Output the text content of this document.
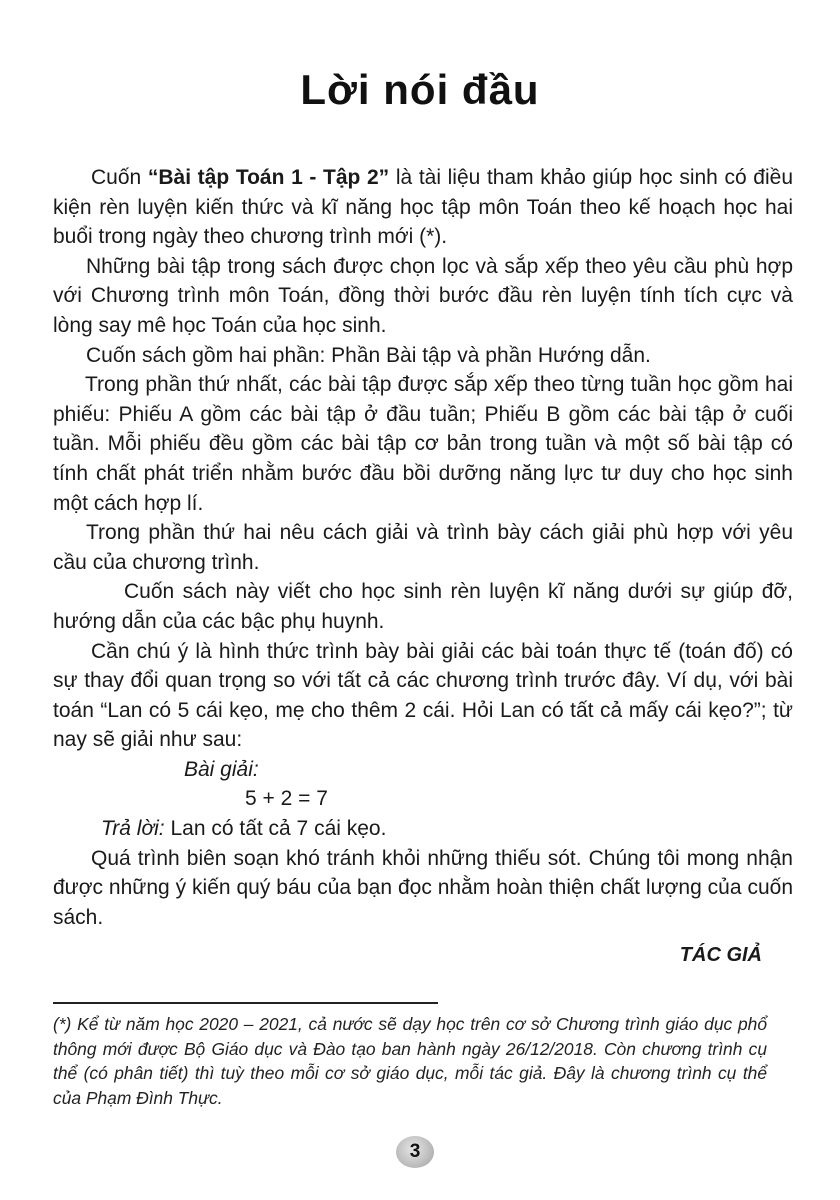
Lời nói đầu

Cuốn “Bài tập Toán 1 - Tập 2” là tài liệu tham khảo giúp học sinh có điều kiện rèn luyện kiến thức và kĩ năng học tập môn Toán theo kế hoạch học hai buổi trong ngày theo chương trình mới (*).

Những bài tập trong sách được chọn lọc và sắp xếp theo yêu cầu phù hợp với Chương trình môn Toán, đồng thời bước đầu rèn luyện tính tích cực và lòng say mê học Toán của học sinh.

Cuốn sách gồm hai phần: Phần Bài tập và phần Hướng dẫn.

Trong phần thứ nhất, các bài tập được sắp xếp theo từng tuần học gồm hai phiếu: Phiếu A gồm các bài tập ở đầu tuần; Phiếu B gồm các bài tập ở cuối tuần. Mỗi phiếu đều gồm các bài tập cơ bản trong tuần và một số bài tập có tính chất phát triển nhằm bước đầu bồi dưỡng năng lực tư duy cho học sinh một cách hợp lí.

Trong phần thứ hai nêu cách giải và trình bày cách giải phù hợp với yêu cầu của chương trình.

Cuốn sách này viết cho học sinh rèn luyện kĩ năng dưới sự giúp đỡ, hướng dẫn của các bậc phụ huynh.

Cần chú ý là hình thức trình bày bài giải các bài toán thực tế (toán đố) có sự thay đổi quan trọng so với tất cả các chương trình trước đây. Ví dụ, với bài toán “Lan có 5 cái kẹo, mẹ cho thêm 2 cái. Hỏi Lan có tất cả mấy cái kẹo?”; từ nay sẽ giải như sau:

Bài giải:

5 + 2 = 7

Trả lời: Lan có tất cả 7 cái kẹo.

Quá trình biên soạn khó tránh khỏi những thiếu sót. Chúng tôi mong nhận được những ý kiến quý báu của bạn đọc nhằm hoàn thiện chất lượng của cuốn sách.

TÁC GIẢ
(*) Kể từ năm học 2020 – 2021, cả nước sẽ dạy học trên cơ sở Chương trình giáo dục phổ thông mới được Bộ Giáo dục và Đào tạo ban hành ngày 26/12/2018. Còn chương trình cụ thể (có phân tiết) thì tuỳ theo mỗi cơ sở giáo dục, mỗi tác giả. Đây là chương trình cụ thể của Phạm Đình Thực.
3
